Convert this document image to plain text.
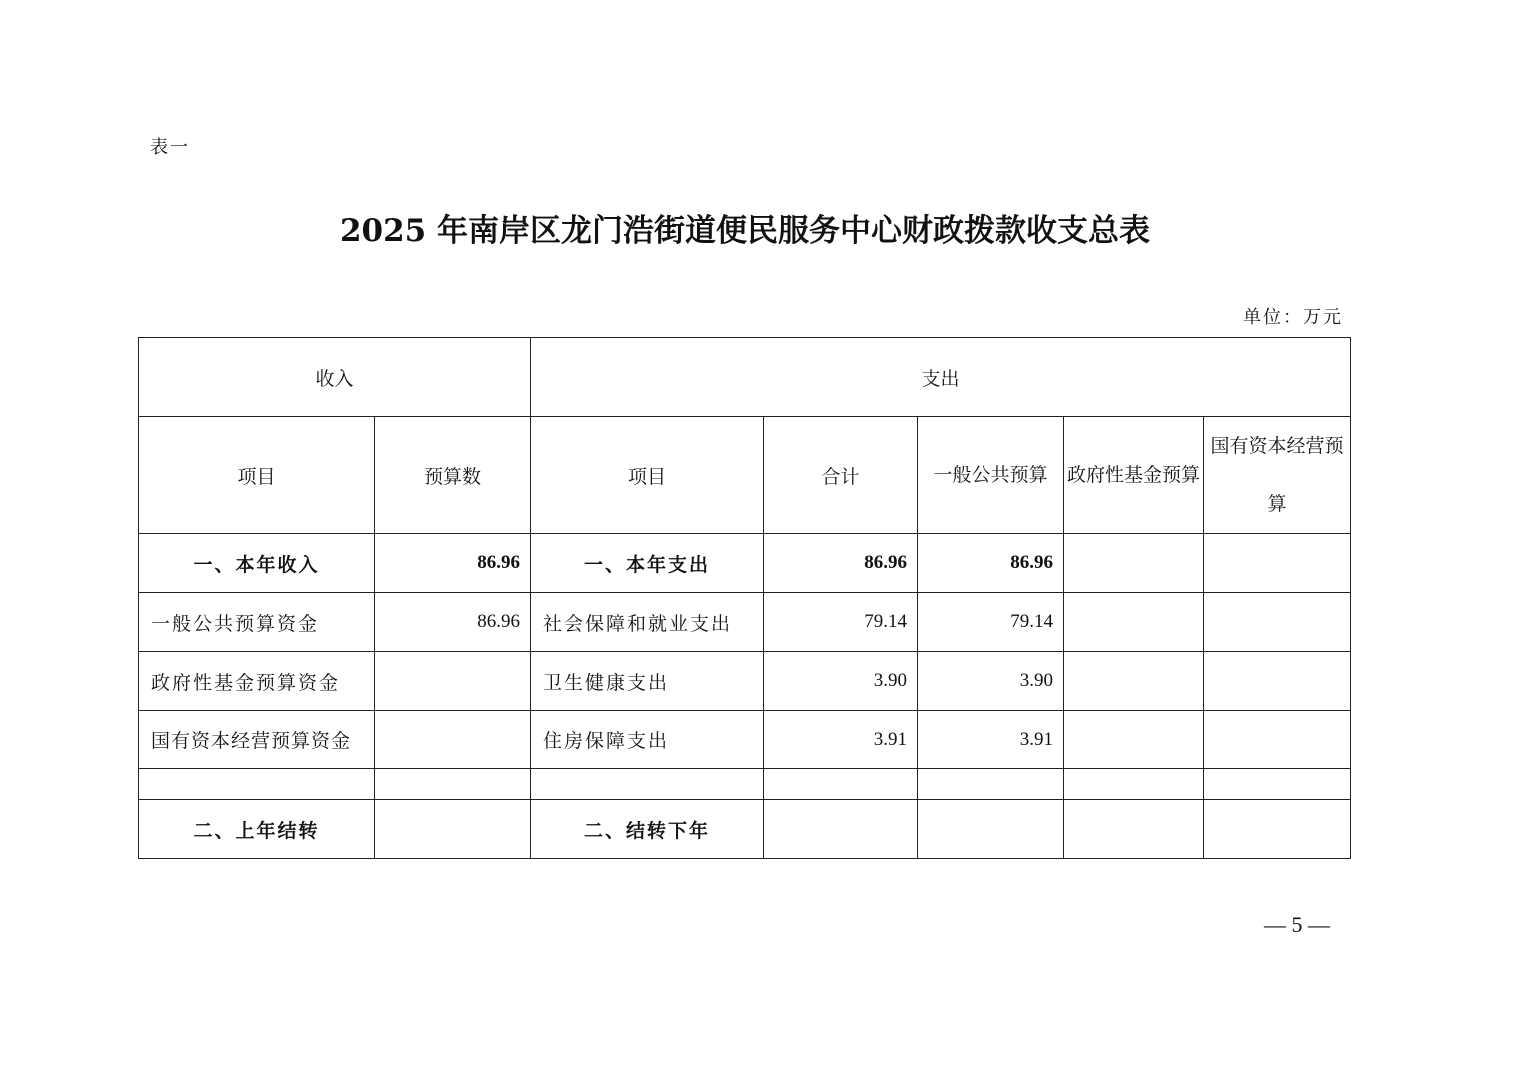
表一
2025 年南岸区龙门浩街道便民服务中心财政拨款收支总表
单位：万元
收入		支出				
项目	预算数	项目	合计	一般公共预算	政府性基金预算	国有资本经营预算
一、本年收入	86.96	一、本年支出	86.96	86.96		
一般公共预算资金	86.96	社会保障和就业支出	79.14	79.14		
政府性基金预算资金		卫生健康支出	3.90	3.90		
国有资本经营预算资金		住房保障支出	3.91	3.91		

二、上年结转		二、结转下年				
— 5 —
